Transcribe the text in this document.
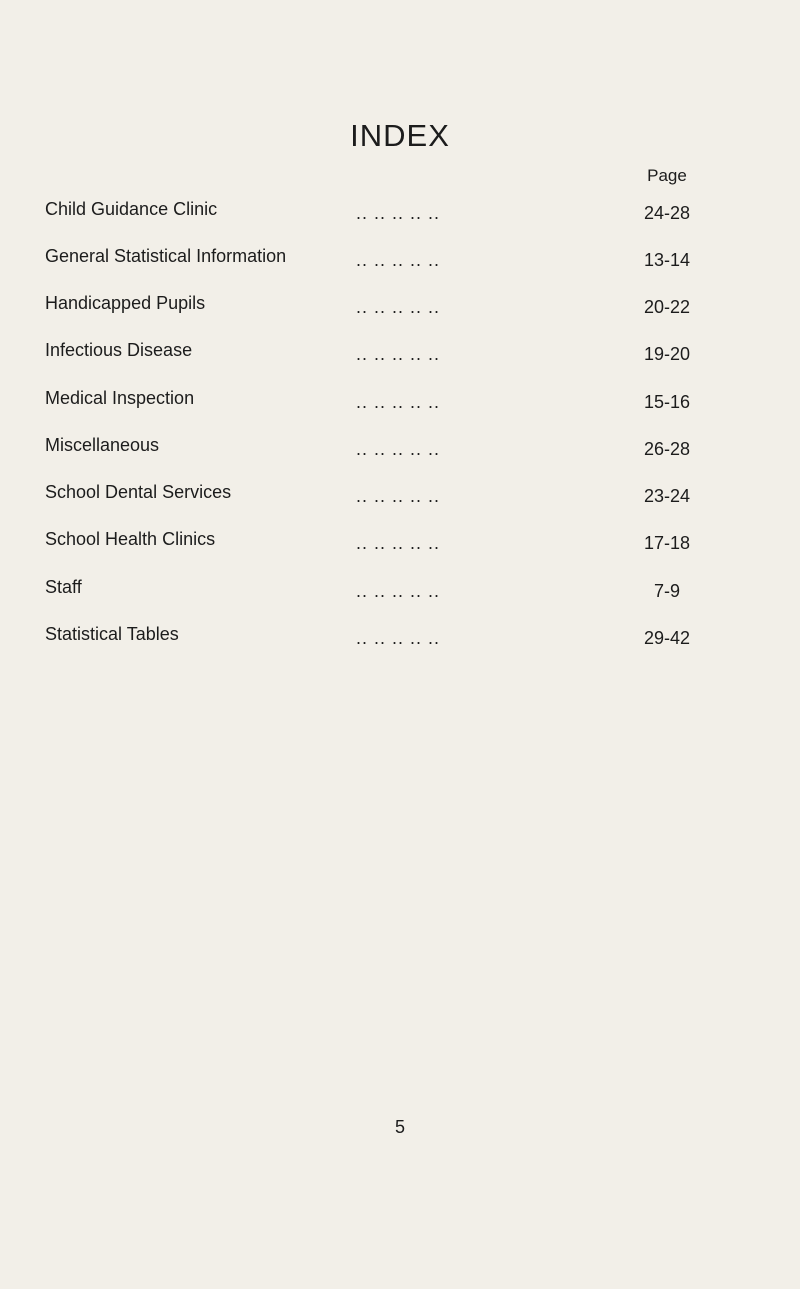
INDEX

Page

Child Guidance Clinic	.. .. .. .. ..	24-28
General Statistical Information	.. .. .. .. ..	13-14
Handicapped Pupils	.. .. .. .. ..	20-22
Infectious Disease	.. .. .. .. ..	19-20
Medical Inspection	.. .. .. .. ..	15-16
Miscellaneous	.. .. .. .. ..	26-28
School Dental Services	.. .. .. .. ..	23-24
School Health Clinics	.. .. .. .. ..	17-18
Staff	.. .. .. .. ..	7-9
Statistical Tables	.. .. .. .. ..	29-42

5
